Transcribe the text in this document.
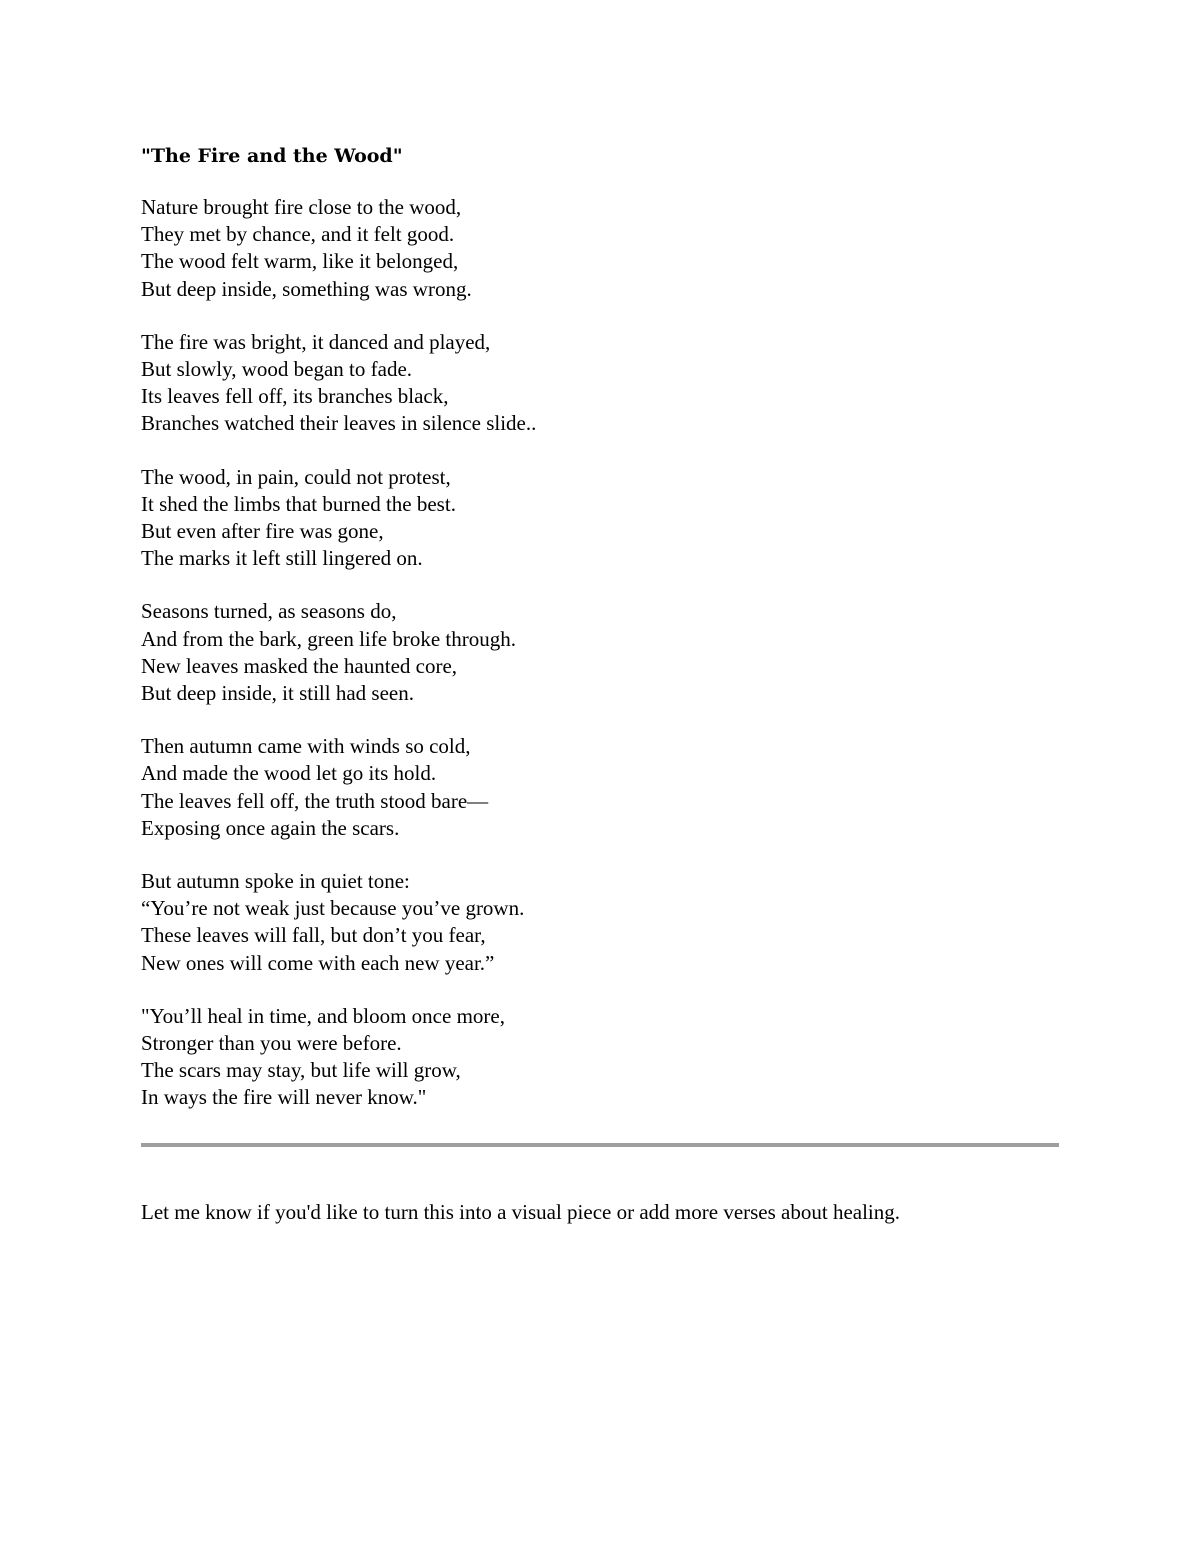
"The Fire and the Wood"
Nature brought fire close to the wood,
They met by chance, and it felt good.
The wood felt warm, like it belonged,
But deep inside, something was wrong.
The fire was bright, it danced and played,
But slowly, wood began to fade.
Its leaves fell off, its branches black,
Branches watched their leaves in silence slide..
The wood, in pain, could not protest,
It shed the limbs that burned the best.
But even after fire was gone,
The marks it left still lingered on.
Seasons turned, as seasons do,
And from the bark, green life broke through.
New leaves masked the haunted core,
But deep inside, it still had seen.
Then autumn came with winds so cold,
And made the wood let go its hold.
The leaves fell off, the truth stood bare—
Exposing once again the scars.
But autumn spoke in quiet tone:
“You’re not weak just because you’ve grown.
These leaves will fall, but don’t you fear,
New ones will come with each new year.”
"You’ll heal in time, and bloom once more,
Stronger than you were before.
The scars may stay, but life will grow,
In ways the fire will never know."
Let me know if you'd like to turn this into a visual piece or add more verses about healing.
